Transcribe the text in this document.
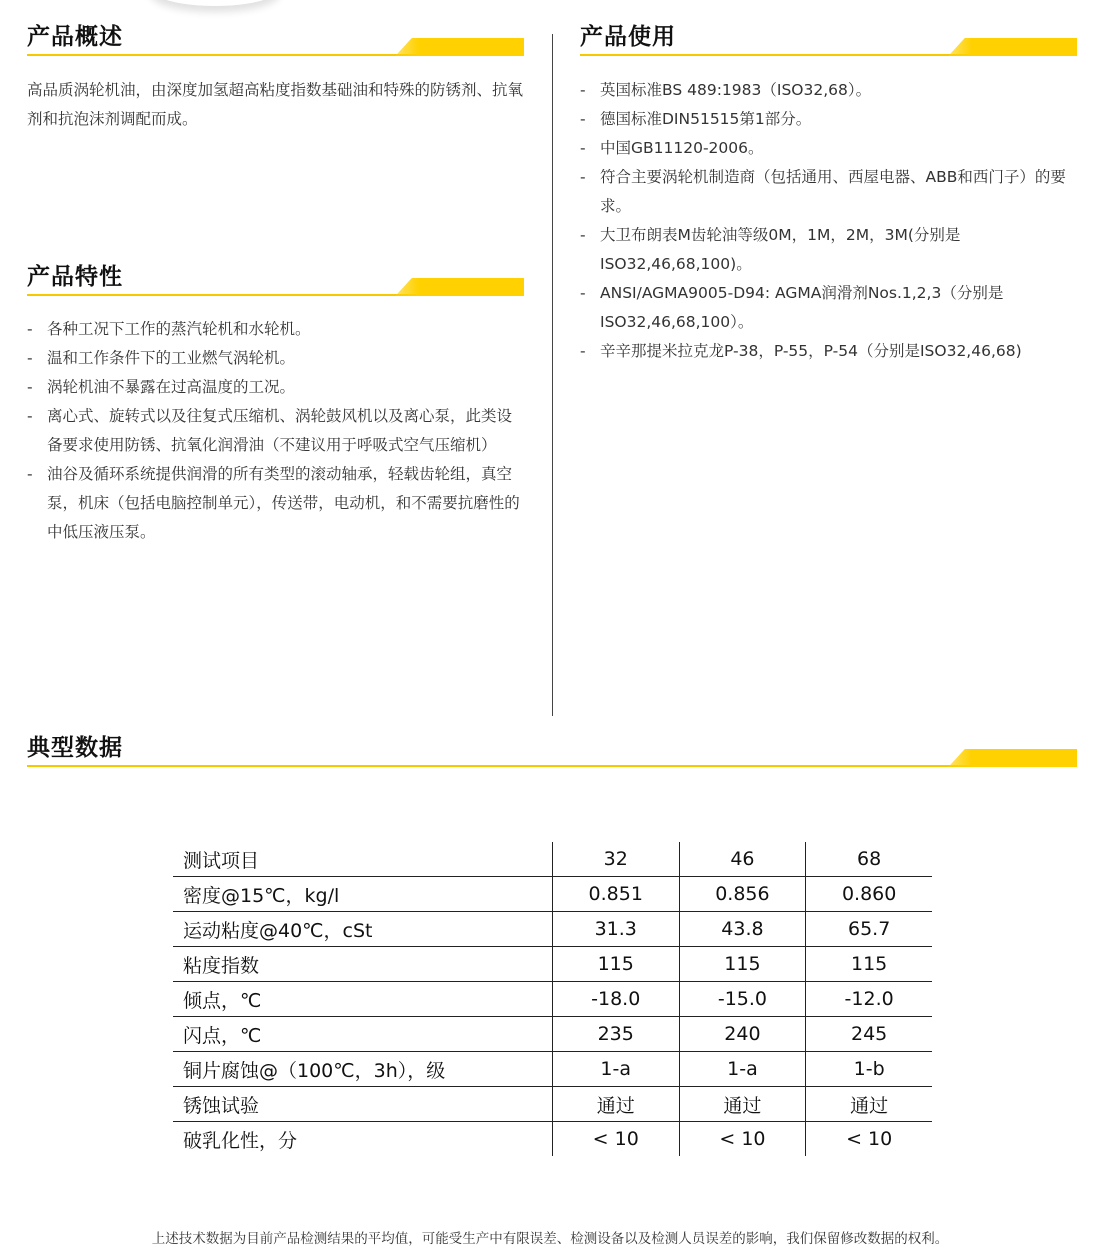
产品概述

高品质涡轮机油，由深度加氢超高粘度指数基础油和特殊的防锈剂、抗氧剂和抗泡沫剂调配而成。

产品特性
- 各种工况下工作的蒸汽轮机和水轮机。
- 温和工作条件下的工业燃气涡轮机。
- 涡轮机油不暴露在过高温度的工况。
- 离心式、旋转式以及往复式压缩机、涡轮鼓风机以及离心泵，此类设备要求使用防锈、抗氧化润滑油（不建议用于呼吸式空气压缩机）
- 油谷及循环系统提供润滑的所有类型的滚动轴承，轻载齿轮组，真空泵，机床（包括电脑控制单元），传送带，电动机，和不需要抗磨性的中低压液压泵。
产品使用
- 英国标准BS 489:1983（ISO32,68）。
- 德国标准DIN51515第1部分。
- 中国GB11120-2006。
- 符合主要涡轮机制造商（包括通用、西屋电器、ABB和西门子）的要求。
- 大卫布朗表M齿轮油等级0M，1M，2M，3M(分别是ISO32,46,68,100)。
- ANSI/AGMA9005-D94: AGMA润滑剂Nos.1,2,3（分别是ISO32,46,68,100）。
- 辛辛那提米拉克龙P-38，P-55，P-54（分别是ISO32,46,68)
典型数据
测试项目	32	46	68
密度@15℃，kg/l	0.851	0.856	0.860
运动粘度@40℃，cSt	31.3	43.8	65.7
粘度指数	115	115	115
倾点，℃	-18.0	-15.0	-12.0
闪点，℃	235	240	245
铜片腐蚀@（100℃，3h），级	1-a	1-a	1-b
锈蚀试验	通过	通过	通过
破乳化性，分	< 10	< 10	< 10
上述技术数据为目前产品检测结果的平均值，可能受生产中有限误差、检测设备以及检测人员误差的影响，我们保留修改数据的权利。
